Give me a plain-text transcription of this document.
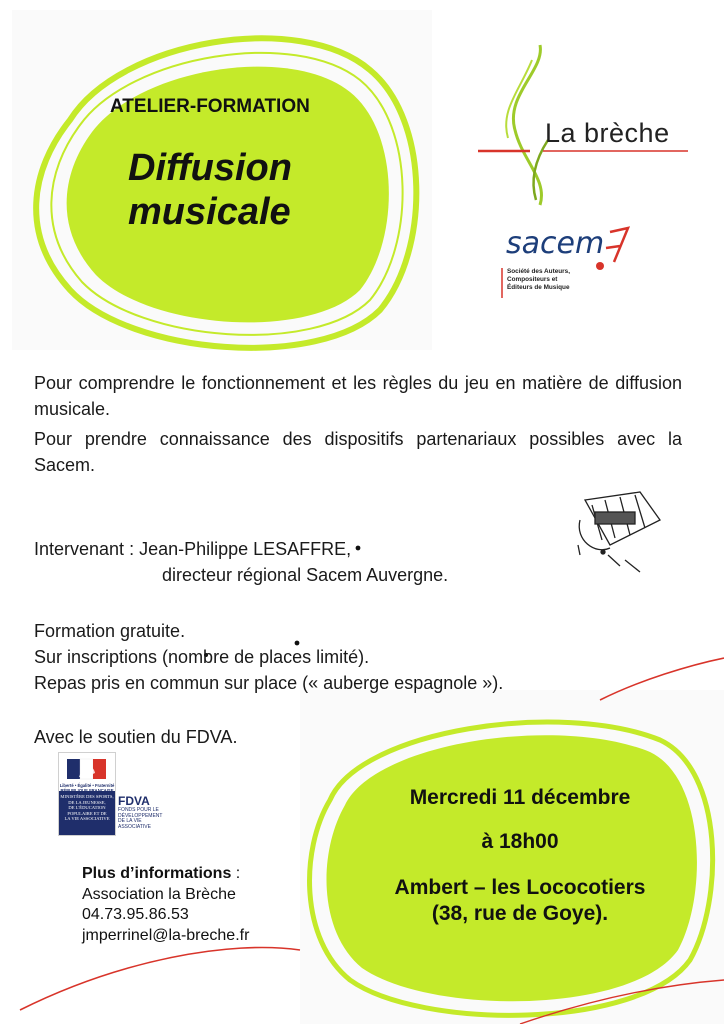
ATELIER-FORMATION
Diffusion
musicale
La brèche
sacem
Société des Auteurs,
Compositeurs et
Éditeurs de Musique
Pour comprendre le fonctionnement et les règles du jeu en matière de diffusion musicale.
Pour prendre connaissance des dispositifs partenariaux possibles avec la Sacem.
Intervenant : Jean-Philippe LESAFFRE,
directeur régional Sacem Auvergne.
Formation gratuite.
Sur inscriptions (nombre de places limité).
Repas pris en commun sur place (« auberge espagnole »).
Avec le soutien du FDVA.
Liberté • Égalité • Fraternité
MINISTÈRE DES SPORTS,
DE LA JEUNESSE,
DE L'ÉDUCATION
POPULAIRE ET DE
LA VIE ASSOCIATIVE
FDVA
FONDS POUR LE
DÉVELOPPEMENT
DE LA VIE
ASSOCIATIVE
Mercredi 11 décembre
à 18h00
Ambert – les Lococotiers
(38, rue de Goye).
Plus d’informations :
Association la Brèche
04.73.95.86.53
jmperrinel@la-breche.fr
